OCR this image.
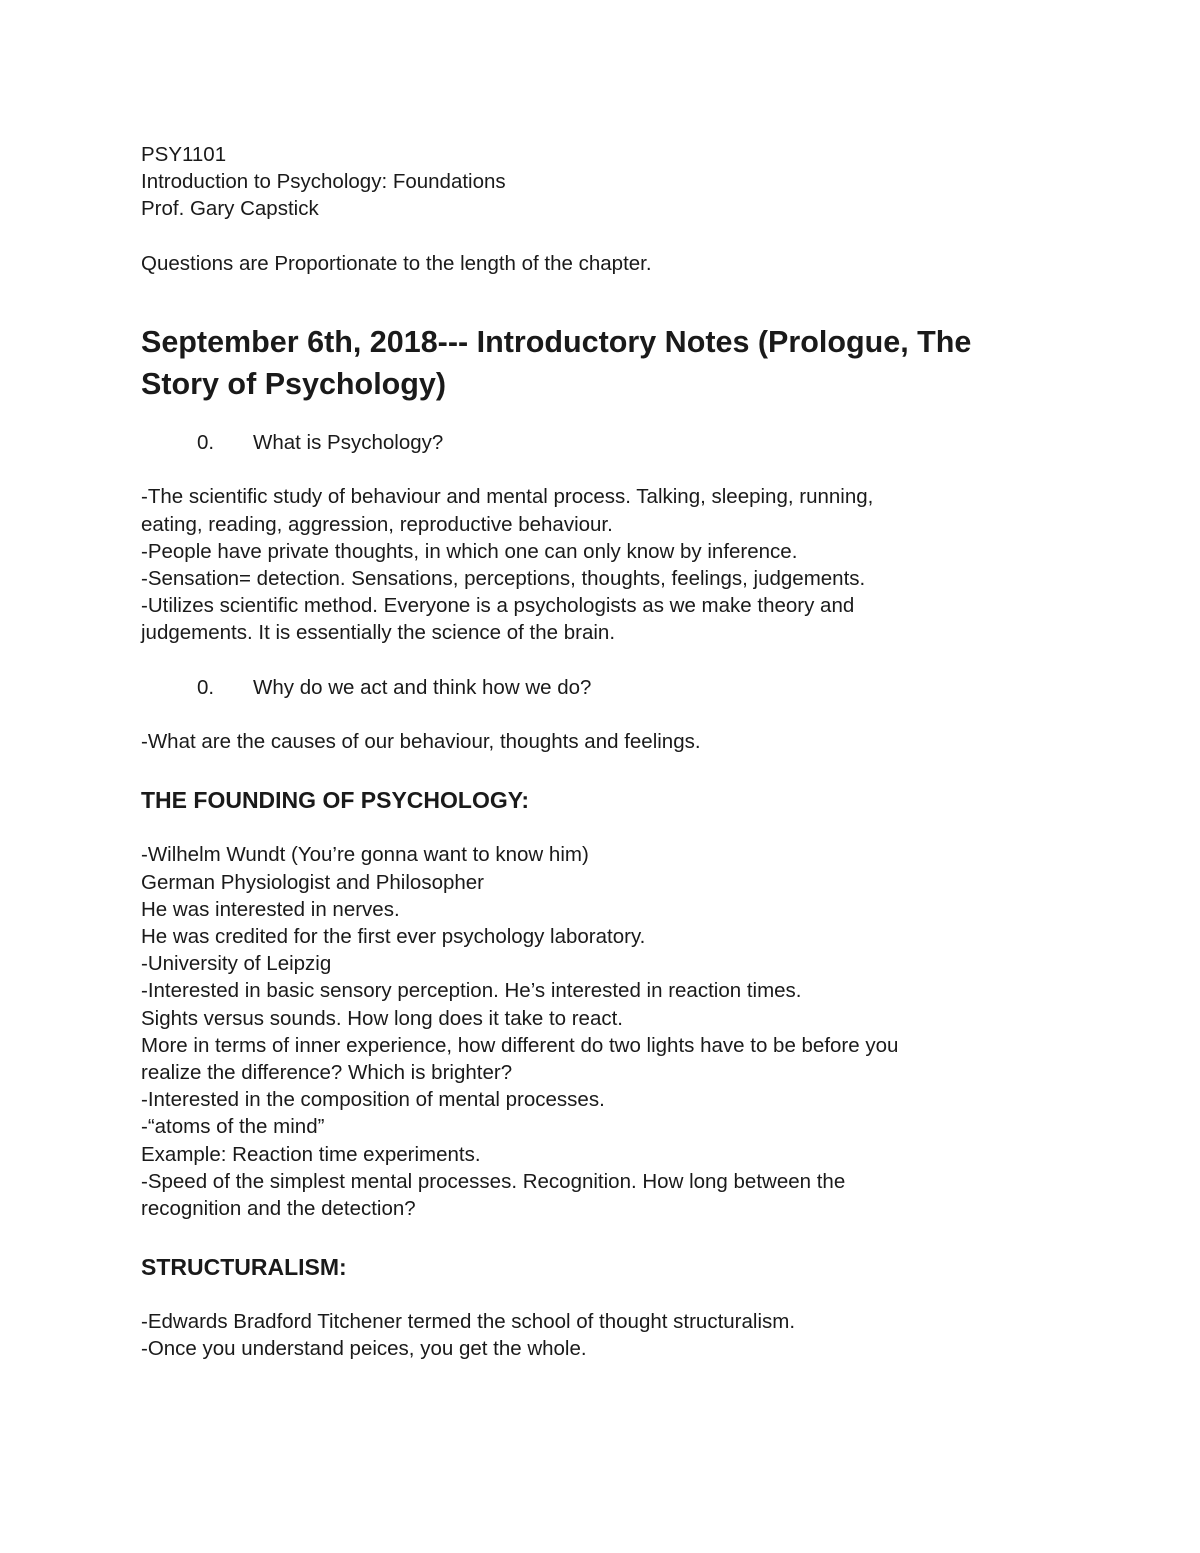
PSY1101

Introduction to Psychology: Foundations

Prof. Gary Capstick

Questions are Proportionate to the length of the chapter.

September 6th, 2018--- Introductory Notes (Prologue, The

Story of Psychology)

0.	What is Psychology?

-The scientific study of behaviour and mental process. Talking, sleeping, running,

eating, reading, aggression, reproductive behaviour.

-People have private thoughts, in which one can only know by inference.

-Sensation= detection. Sensations, perceptions, thoughts, feelings, judgements.

-Utilizes scientific method. Everyone is a psychologists as we make theory and

judgements. It is essentially the science of the brain.

0.	Why do we act and think how we do?

-What are the causes of our behaviour, thoughts and feelings.

THE FOUNDING OF PSYCHOLOGY:

-Wilhelm Wundt (You’re gonna want to know him)

German Physiologist and Philosopher

He was interested in nerves.

He was credited for the first ever psychology laboratory.

-University of Leipzig

-Interested in basic sensory perception. He’s interested in reaction times.

Sights versus sounds. How long does it take to react.

More in terms of inner experience, how different do two lights have to be before you

realize the difference? Which is brighter?

-Interested in the composition of mental processes.

-“atoms of the mind”

Example: Reaction time experiments.

-Speed of the simplest mental processes. Recognition. How long between the

recognition and the detection?

STRUCTURALISM:

-Edwards Bradford Titchener termed the school of thought structuralism.

-Once you understand peices, you get the whole.
